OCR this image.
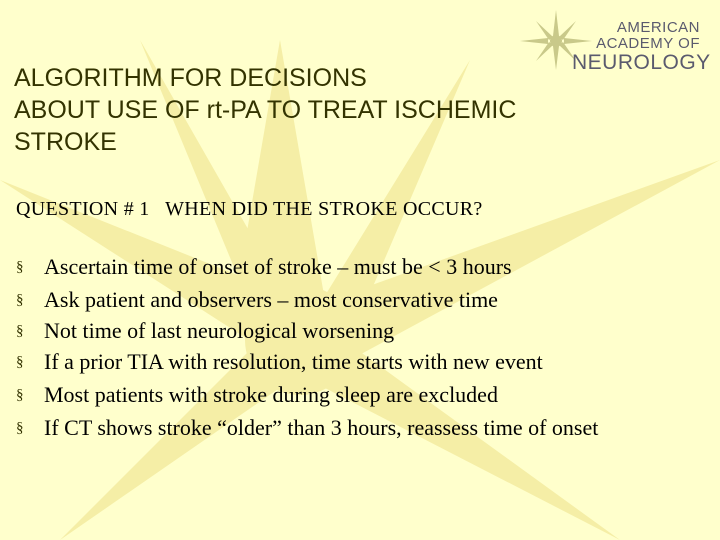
AMERICAN
ACADEMY OF
NEUROLOGY
ALGORITHM FOR DECISIONS
ABOUT USE OF rt-PA TO TREAT ISCHEMIC
STROKE
QUESTION # 1   WHEN DID THE STROKE OCCUR?
§ Ascertain time of onset of stroke – must be < 3 hours
§ Ask patient and observers – most conservative time
§ Not time of last neurological worsening
§ If a prior TIA with resolution, time starts with new event
§ Most patients with stroke during sleep are excluded
§ If CT shows stroke “older” than 3 hours, reassess time of onset
